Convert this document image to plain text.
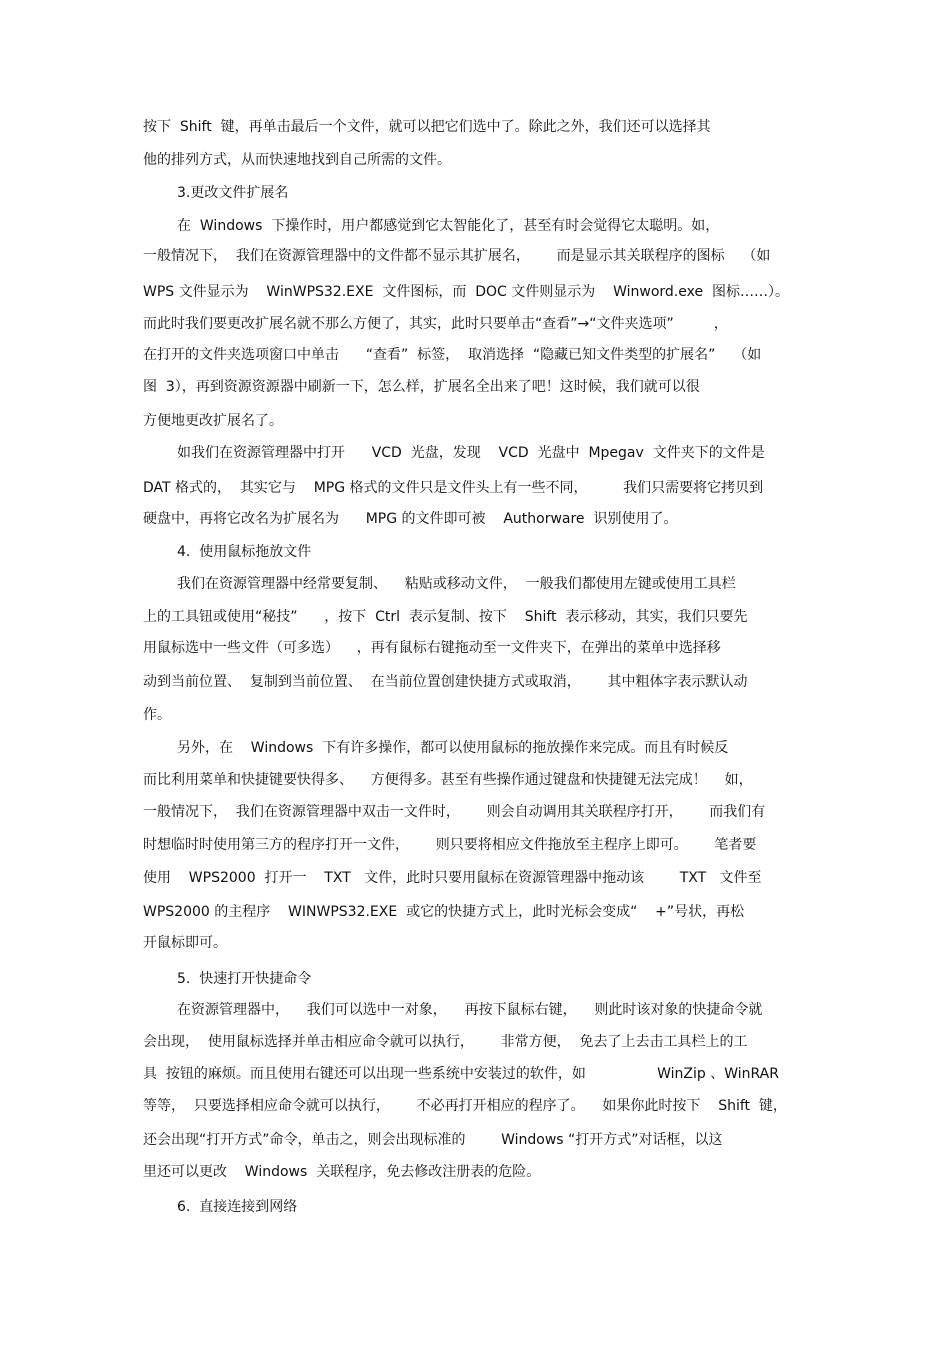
按下  Shift  键，再单击最后一个文件，就可以把它们选中了。除此之外，我们还可以选择其
他的排列方式，从而快速地找到自己所需的文件。
3.更改文件扩展名
在  Windows  下操作时，用户都感觉到它太智能化了，甚至有时会觉得它太聪明。如，
一般情况下，  我们在资源管理器中的文件都不显示其扩展名，      而是显示其关联程序的图标    （如
WPS 文件显示为    WinWPS32.EXE  文件图标，而  DOC 文件则显示为    Winword.exe  图标……）。
而此时我们要更改扩展名就不那么方便了，其实，此时只要单击“查看”→“文件夹选项”         ，
在打开的文件夹选项窗口中单击      “查看”  标签，  取消选择  “隐藏已知文件类型的扩展名”    （如
图  3），再到资源资源器中刷新一下，怎么样，扩展名全出来了吧！这时候，我们就可以很
方便地更改扩展名了。
如我们在资源管理器中打开      VCD  光盘，发现    VCD  光盘中  Mpegav  文件夹下的文件是
DAT 格式的，  其实它与    MPG 格式的文件只是文件头上有一些不同，        我们只需要将它拷贝到
硬盘中，再将它改名为扩展名为      MPG 的文件即可被    Authorware  识别使用了。
4.  使用鼠标拖放文件
我们在资源管理器中经常要复制、    粘贴或移动文件，  一般我们都使用左键或使用工具栏
上的工具钮或使用“秘技”      ，按下  Ctrl  表示复制、按下    Shift  表示移动，其实，我们只要先
用鼠标选中一些文件（可多选）    ，再有鼠标右键拖动至一文件夹下，在弹出的菜单中选择移
动到当前位置、  复制到当前位置、  在当前位置创建快捷方式或取消，      其中粗体字表示默认动
作。
另外，在    Windows  下有许多操作，都可以使用鼠标的拖放操作来完成。而且有时候反
而比利用菜单和快捷键要快得多、    方便得多。甚至有些操作通过键盘和快捷键无法完成！    如，
一般情况下，  我们在资源管理器中双击一文件时，      则会自动调用其关联程序打开，      而我们有
时想临时时使用第三方的程序打开一文件，      则只要将相应文件拖放至主程序上即可。      笔者要
使用    WPS2000  打开一    TXT   文件，此时只要用鼠标在资源管理器中拖动该        TXT   文件至
WPS2000 的主程序    WINWPS32.EXE  或它的快捷方式上，此时光标会变成“    +”号状，再松
开鼠标即可。
5.  快速打开快捷命令
在资源管理器中，    我们可以选中一对象，    再按下鼠标右键，    则此时该对象的快捷命令就
会出现，  使用鼠标选择并单击相应命令就可以执行，      非常方便，  免去了上去击工具栏上的工
具  按钮的麻烦。而且使用右键还可以出现一些系统中安装过的软件，如                WinZip 、WinRAR
等等，  只要选择相应命令就可以执行，      不必再打开相应的程序了。    如果你此时按下    Shift  键，
还会出现“打开方式”命令，单击之，则会出现标准的        Windows “打开方式”对话框，以这
里还可以更改    Windows  关联程序，免去修改注册表的危险。
6.  直接连接到网络
